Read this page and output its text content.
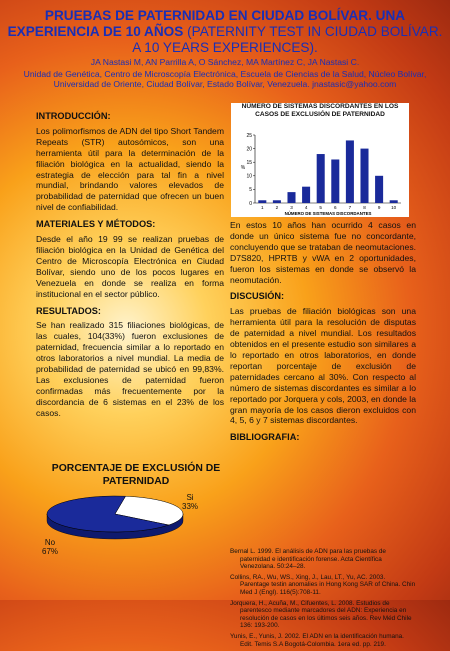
PRUEBAS DE PATERNIDAD EN CIUDAD BOLÍVAR. UNA EXPERIENCIA DE 10 AÑOS (PATERNITY TEST IN CIUDAD BOLÍVAR. A 10 YEARS EXPERIENCES).

JA Nastasi M, AN Parrilla A, O Sánchez, MA Martínez C, JA Nastasi C.
Unidad de Genética, Centro de Microscopía Electrónica, Escuela de Ciencias de la Salud, Núcleo Bolívar, Universidad de Oriente, Ciudad Bolívar, Estado Bolívar, Venezuela. jnastasic@yahoo.com
INTRODUCCIÓN:

Los polimorfismos de ADN del tipo Short Tandem Repeats (STR) autosómicos, son una herramienta útil para la determinación de la filiación biológica en la actualidad, siendo la estrategia de elección para tal fin a nivel mundial, brindando valores elevados de probabilidad de paternidad que ofrecen un buen nivel de confiabilidad.

MATERIALES Y MÉTODOS:

Desde el año 19 99 se realizan pruebas de filiación biológica en la Unidad de Genética del Centro de Microscopía Electrónica en Ciudad Bolívar, siendo uno de los pocos lugares en Venezuela en donde se realiza en forma institucional en el sector público.

RESULTADOS:

Se han realizado 315 filiaciones biológicas, de las cuales, 104(33%) fueron exclusiones de paternidad, frecuencia similar a lo reportado en otros laboratorios a nivel mundial. La media de probabilidad de paternidad se ubicó en 99,83%. Las exclusiones de paternidad fueron confirmadas más frecuentemente por la discordancia de 6 sistemas en el 23% de los casos.

PORCENTAJE DE EXCLUSIÓN DE PATERNIDAD
Si
33%
No
67%
0
5
10
15
20
25
1	2	3	4	5	6	7	8	9 10
NÚMERO DE SISTEMAS DISCORDANTES
%
NÚMERO DE SISTEMAS DISCORDANTES EN LOS CASOS DE EXCLUSIÓN DE PATERNIDAD

En estos 10 años han ocurrido 4 casos en donde un único sistema fue no concordante, concluyendo que se trataban de neomutaciones. D7S820, HPRTB y vWA en 2 oportunidades, fueron los sistemas en donde se observó la neomutación.

DISCUSIÓN:

Las pruebas de filiación biológicas son una herramienta útil para la resolución de disputas de paternidad a nivel mundial. Los resultados obtenidos en el presente estudio son similares a lo reportado en otros laboratorios, en donde reportan porcentaje de exclusión de paternidades cercano al 30%. Con respecto al número de sistemas discordantes es similar a lo reportado por Jorquera y cols, 2003, en donde la gran mayoría de los casos dieron excluidos con 4, 5, 6 y 7 sistemas discordantes.

BIBLIOGRAFIA:

Bernal L. 1999. El análisis de ADN para las pruebas de paternidad e identificación forense. Acta Científica Venezolana. 50:24–28.

Collins, RA., Wu, WS., Xing, J., Lau, LT., Yu, AC. 2003. Parentage testin anomalies in Hong Kong SAR of China. Chin Med J (Engl). 116(5):708-11.

Jorquera, H., Acuña, M., Cifuentes, L. 2008. Estudios de parentesco mediante marcadores del ADN: Experiencia en resolución de casos en los últimos seis años. Rev Méd Chile 136: 193-200.

Yunis, E., Yunis, J. 2002. El ADN en la identificación humana. Edit. Temis S.A Bogotá-Colombia. 1era ed. pp. 219.
